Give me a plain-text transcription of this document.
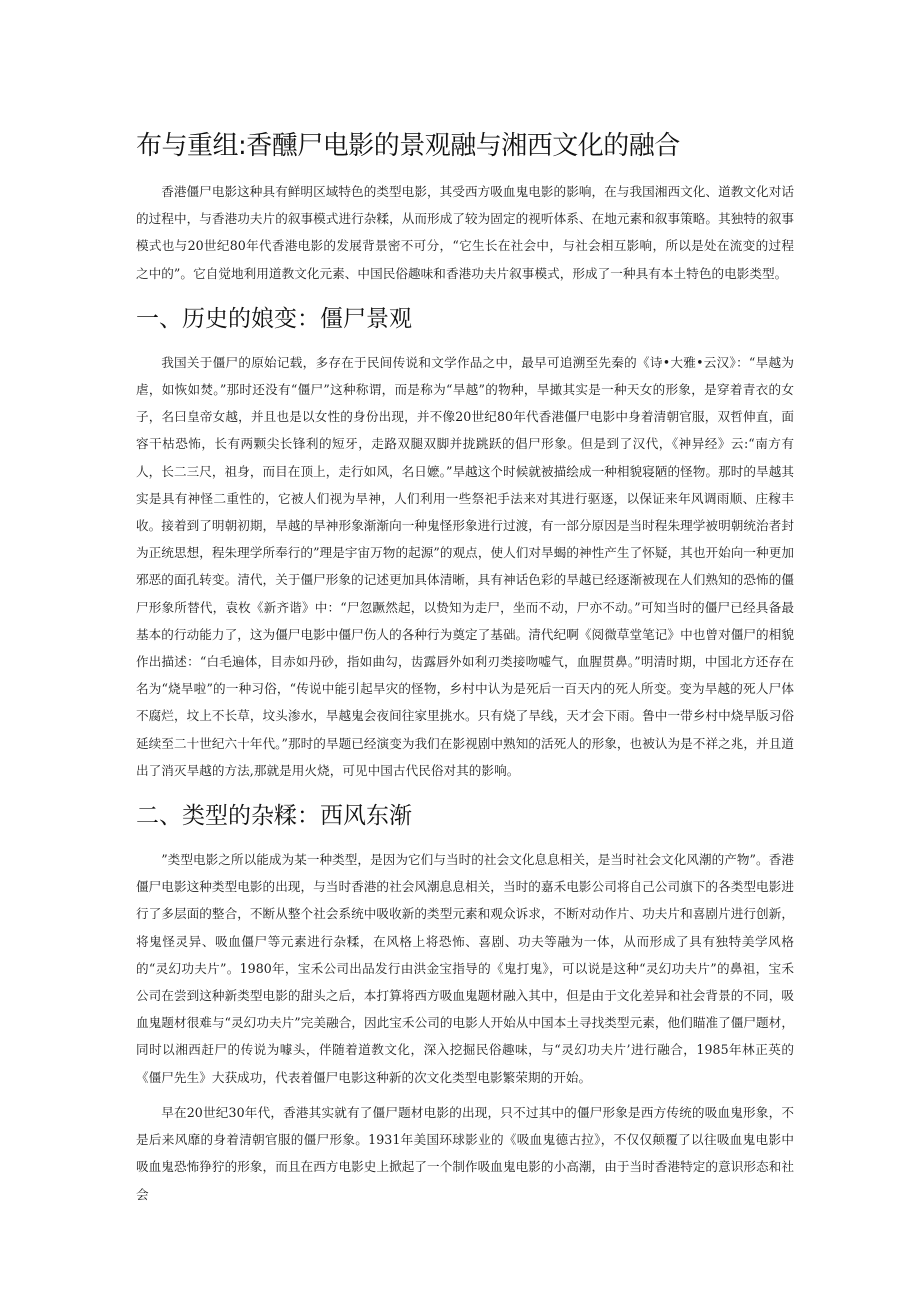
布与重组:香醺尸电影的景观融与湘西文化的融合

香港僵尸电影这种具有鲜明区域特色的类型电影，其受西方吸血鬼电影的影响，在与我国湘西文化、道教文化对话的过程中，与香港功夫片的叙事模式进行杂糅，从而形成了较为固定的视听体系、在地元素和叙事策略。其独特的叙事模式也与20世纪80年代香港电影的发展背景密不可分，“它生长在社会中，与社会相互影响，所以是处在流变的过程之中的”。它自觉地利用道教文化元素、中国民俗趣味和香港功夫片叙事模式，形成了一种具有本土特色的电影类型。

一、历史的娘变：僵尸景观

我国关于僵尸的原始记载，多存在于民间传说和文学作品之中，最早可追溯至先秦的《诗•大雅•云汉》：“旱越为虐，如恢如焚。”那时还没有“僵尸”这种称谓，而是称为“旱越”的物种，旱撖其实是一种天女的形象，是穿着青衣的女子，名曰皇帝女越，并且也是以女性的身份出现，并不像20世纪80年代香港僵尸电影中身着清朝官服，双哲伸直，面容干枯恐怖，长有两颗尖长锋利的短牙，走路双腿双脚并拢跳跃的倡尸形象。但是到了汉代，《神异经》云:“南方有人，长二三尺，祖身，而目在顶上，走行如风，名日嬷。”旱越这个时候就被描绘成一种相貌寝陋的怪物。那时的旱越其实是具有神怪二重性的，它被人们视为旱神，人们利用一些祭祀手法来对其进行驱逐，以保证来年风调雨顺、庄稼丰收。接着到了明朝初期，旱越的旱神形象渐渐向一种鬼怪形象进行过渡，有一部分原因是当时程朱理学被明朝统治者封为正统思想，程朱理学所奉行的”理是宇宙万物的起源”的观点，使人们对旱蝎的神性产生了怀疑，其也开始向一种更加邪恶的面孔转变。清代，关于僵尸形象的记述更加具体清晰，具有神话色彩的旱越已经逐渐被现在人们熟知的恐怖的僵尸形象所替代，袁枚《新齐谐》中：“尸忽蹶然起，以贽知为走尸，坐而不动，尸亦不动。”可知当时的僵尸已经具备最基本的行动能力了，这为僵尸电影中僵尸伤人的各种行为奠定了基础。清代纪啊《阅微草堂笔记》中也曾对僵尸的相貌作出描述：“白毛遍体，目赤如丹砂，指如曲勾，齿露唇外如利刃类接吻嘘气，血腥贯鼻。”明清时期，中国北方还存在名为“烧旱啦”的一种习俗，“传说中能引起旱灾的怪物，乡村中认为是死后一百天内的死人所变。变为旱越的死人尸体不腐烂，坟上不长草，坟头渗水，旱越鬼会夜间往家里挑水。只有烧了旱线，天才会下雨。鲁中一带乡村中烧旱版习俗延续至二十世纪六十年代。”那时的旱题已经演变为我们在影视剧中熟知的活死人的形象，也被认为是不祥之兆，并且道出了消灭旱越的方法,那就是用火烧，可见中国古代民俗对其的影响。

二、类型的杂糅：西风东渐

”类型电影之所以能成为某一种类型，是因为它们与当时的社会文化息息相关，是当时社会文化风潮的产物”。香港僵尸电影这种类型电影的出现，与当时香港的社会风潮息息相关，当时的嘉禾电影公司将自己公司旗下的各类型电影进行了多层面的整合，不断从整个社会系统中吸收新的类型元素和观众诉求，不断对动作片、功夫片和喜剧片进行创新，将鬼怪灵异、吸血僵尸等元素进行杂糅，在风格上将恐怖、喜剧、功夫等融为一体，从而形成了具有独特美学风格的“灵幻功夫片”。1980年，宝禾公司出品发行由洪金宝指导的《鬼打鬼》，可以说是这种“灵幻功夫片”的鼻祖，宝禾公司在尝到这种新类型电影的甜头之后，本打算将西方吸血鬼题材融入其中，但是由于文化差异和社会背景的不同，吸血鬼题材很难与“灵幻功夫片”完美融合，因此宝禾公司的电影人开始从中国本土寻找类型元素，他们瞄准了僵尸题材，同时以湘西赶尸的传说为噱头，伴随着道教文化，深入挖掘民俗趣味，与“灵幻功夫片’进行融合，1985年林正英的《僵尸先生》大获成功，代表着僵尸电影这种新的次文化类型电影繁荣期的开始。

早在20世纪30年代，香港其实就有了僵尸题材电影的出现，只不过其中的僵尸形象是西方传统的吸血鬼形象，不是后来风靡的身着清朝官服的僵尸形象。1931年美国环球影业的《吸血鬼德古拉》，不仅仅颠覆了以往吸血鬼电影中吸血鬼恐怖狰狞的形象，而且在西方电影史上掀起了一个制作吸血鬼电影的小高潮，由于当时香港特定的意识形态和社会
